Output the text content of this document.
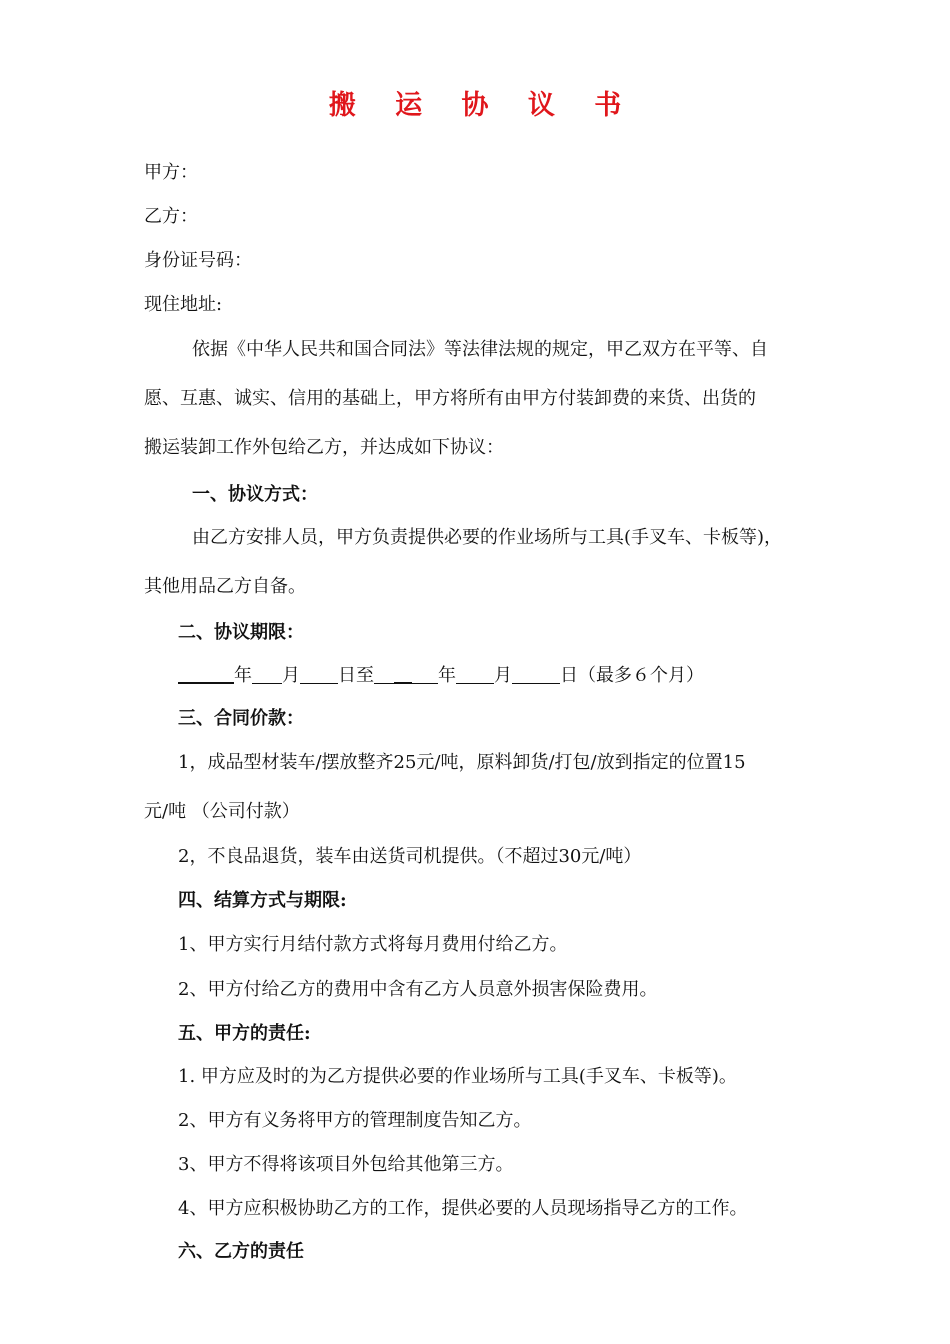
搬 运 协 议 书
甲方：
乙方：
身份证号码：
现住地址:
依据《中华人民共和国合同法》等法律法规的规定，甲乙双方在平等、自
愿、互惠、诚实、信用的基础上，甲方将所有由甲方付装卸费的来货、出货的
搬运装卸工作外包给乙方，并达成如下协议：
一、协议方式：
由乙方安排人员，甲方负责提供必要的作业场所与工具(手叉车、卡板等)，
其他用品乙方自备。
二、协议期限：
年 月 日至	年 月	日（最多６个月）
三、合同价款：
1，成品型材装车/摆放整齐25元/吨，原料卸货/打包/放到指定的位置15
元/吨 （公司付款）
2，不良品退货，装车由送货司机提供。（不超过30元/吨）
四、结算方式与期限:
1、甲方实行月结付款方式将每月费用付给乙方。
2、甲方付给乙方的费用中含有乙方人员意外损害保险费用。
五、甲方的责任:
1. 甲方应及时的为乙方提供必要的作业场所与工具(手叉车、卡板等)。
2、甲方有义务将甲方的管理制度告知乙方。
3、甲方不得将该项目外包给其他第三方。
4、甲方应积极协助乙方的工作，提供必要的人员现场指导乙方的工作。
六、乙方的责任
